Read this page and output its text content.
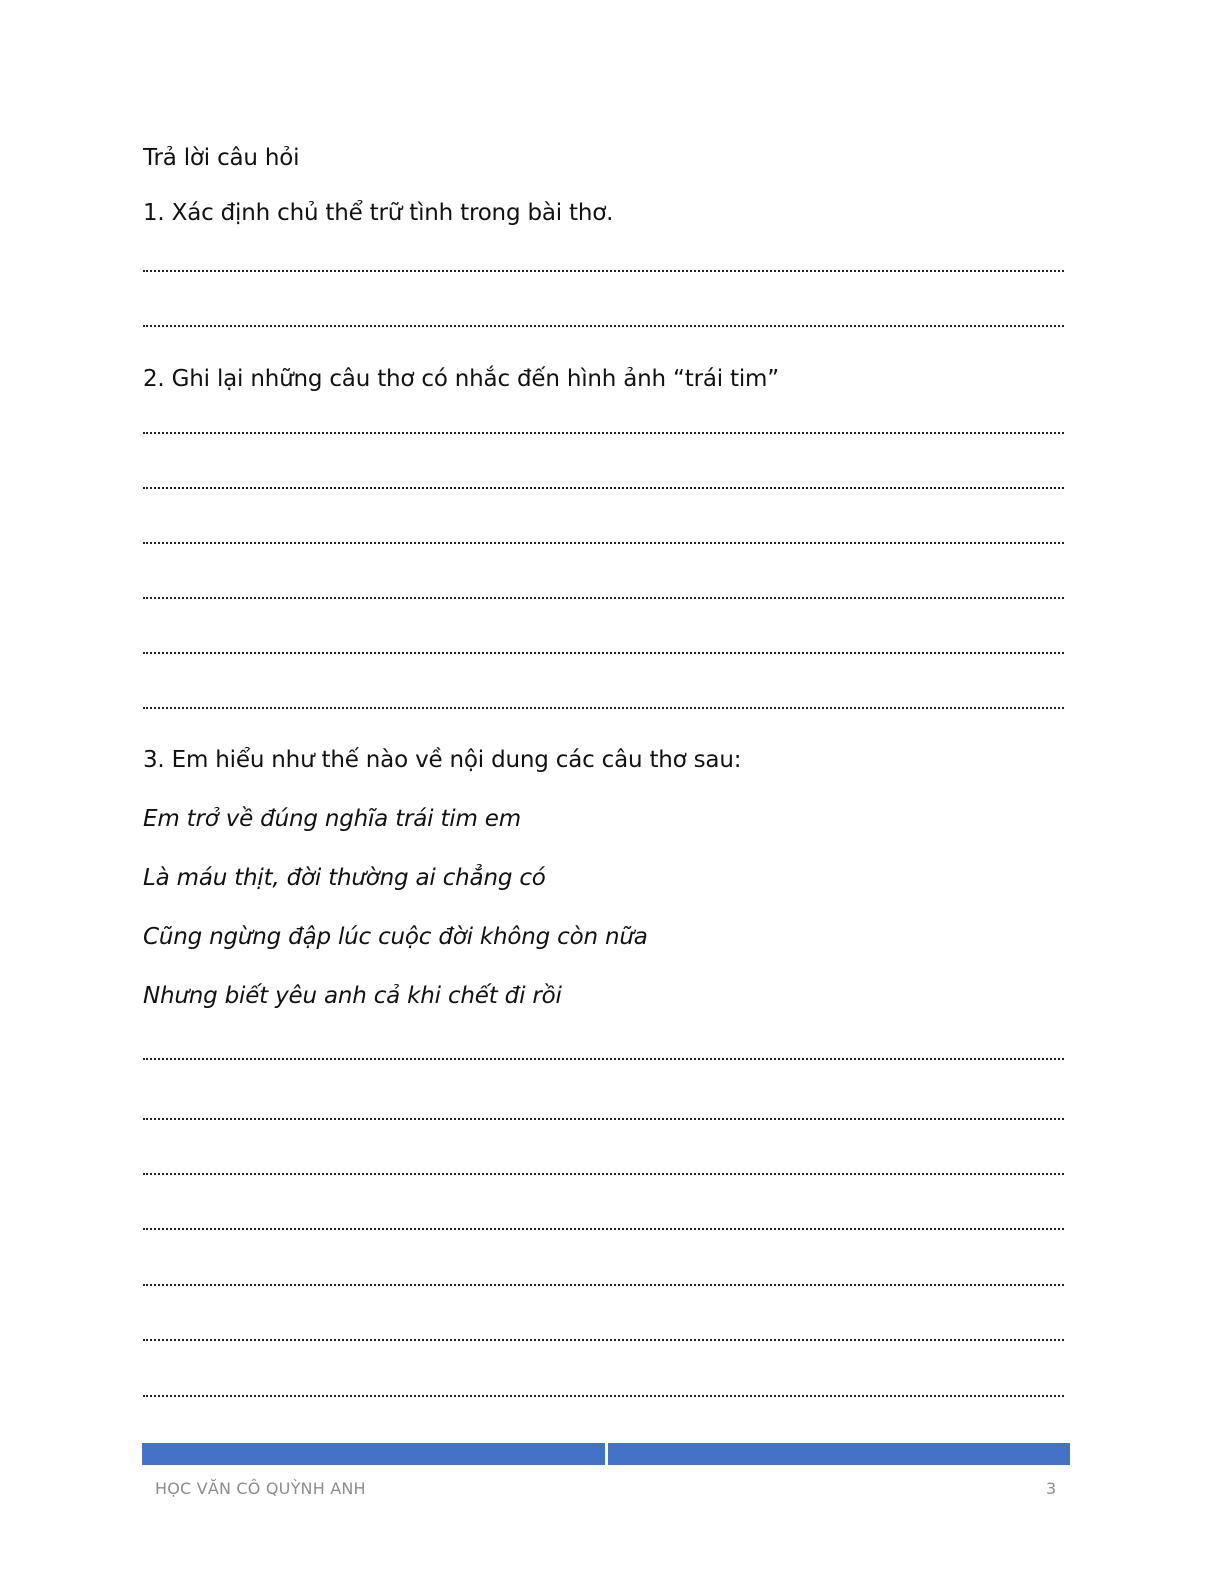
Trả lời câu hỏi
1. Xác định chủ thể trữ tình trong bài thơ.
2. Ghi lại những câu thơ có nhắc đến hình ảnh “trái tim”
3. Em hiểu như thế nào về nội dung các câu thơ sau:
Em trở về đúng nghĩa trái tim em
Là máu thịt, đời thường ai chẳng có
Cũng ngừng đập lúc cuộc đời không còn nữa
Nhưng biết yêu anh cả khi chết đi rồi
HỌC VĂN CÔ QUỲNH ANH	3
